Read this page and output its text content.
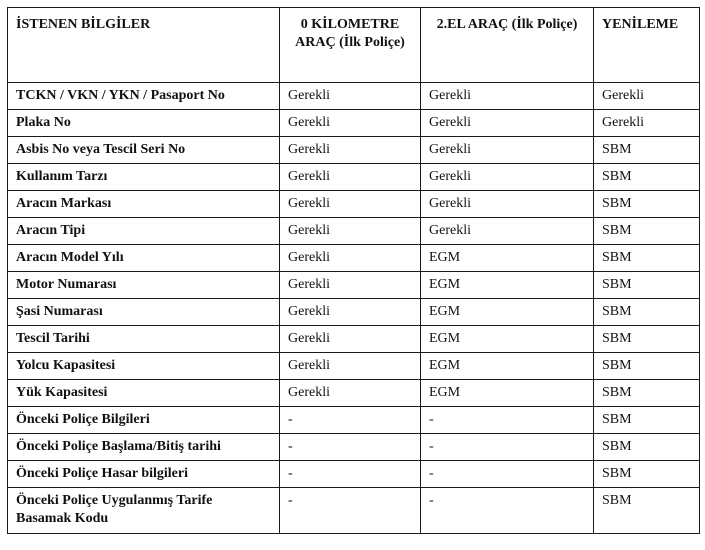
İSTENEN BİLGİLER	0 KİLOMETRE ARAÇ (İlk Poliçe)	2.EL ARAÇ (İlk Poliçe)	YENİLEME
TCKN / VKN / YKN / Pasaport No	Gerekli	Gerekli	Gerekli
Plaka No	Gerekli	Gerekli	Gerekli
Asbis No veya Tescil Seri No	Gerekli	Gerekli	SBM
Kullanım Tarzı	Gerekli	Gerekli	SBM
Aracın Markası	Gerekli	Gerekli	SBM
Aracın Tipi	Gerekli	Gerekli	SBM
Aracın Model Yılı	Gerekli	EGM	SBM
Motor Numarası	Gerekli	EGM	SBM
Şasi Numarası	Gerekli	EGM	SBM
Tescil Tarihi	Gerekli	EGM	SBM
Yolcu Kapasitesi	Gerekli	EGM	SBM
Yük Kapasitesi	Gerekli	EGM	SBM
Önceki Poliçe Bilgileri	-	-	SBM
Önceki Poliçe Başlama/Bitiş tarihi	-	-	SBM
Önceki Poliçe Hasar bilgileri	-	-	SBM
Önceki Poliçe Uygulanmış Tarife Basamak Kodu	-	-	SBM
